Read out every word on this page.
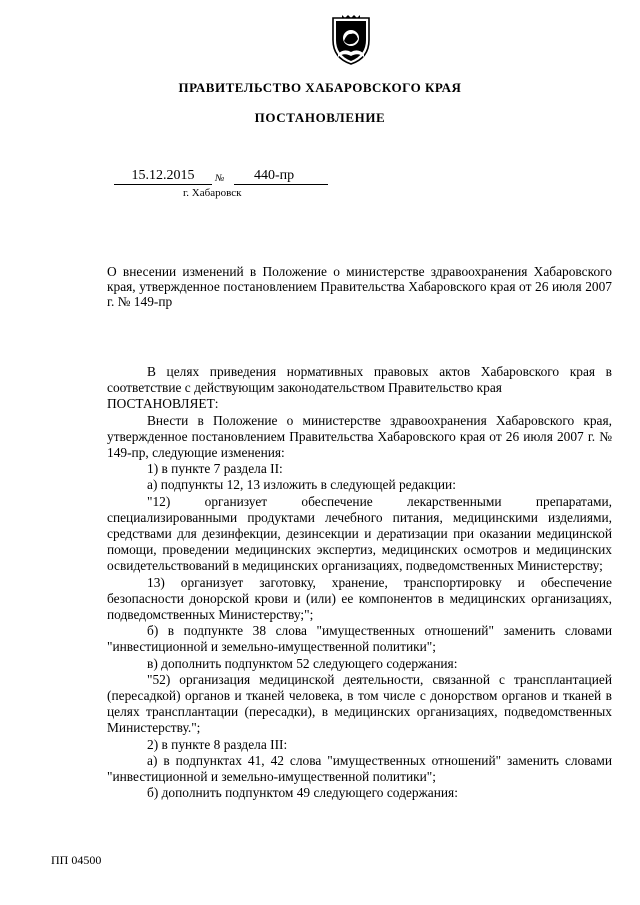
ПРАВИТЕЛЬСТВО ХАБАРОВСКОГО КРАЯ
ПОСТАНОВЛЕНИЕ
15.12.2015	№	440-пр
г. Хабаровск
О внесении изменений в Положение о министерстве здравоохранения Хабаровского края, утвержденное постановлением Правительства Хабаровского края от 26 июля 2007 г. № 149-пр

В целях приведения нормативных правовых актов Хабаровского края в соответствие с действующим законодательством Правительство края

ПОСТАНОВЛЯЕТ:

Внести в Положение о министерстве здравоохранения Хабаровского края, утвержденное постановлением Правительства Хабаровского края от 26 июля 2007 г. № 149-пр, следующие изменения:

1) в пункте 7 раздела II:

а) подпункты 12, 13 изложить в следующей редакции:

"12) организует обеспечение лекарственными препаратами, специализированными продуктами лечебного питания, медицинскими изделиями, средствами для дезинфекции, дезинсекции и дератизации при оказании медицинской помощи, проведении медицинских экспертиз, медицинских осмотров и медицинских освидетельствований в медицинских организациях, подведомственных Министерству;

13) организует заготовку, хранение, транспортировку и обеспечение безопасности донорской крови и (или) ее компонентов в медицинских организациях, подведомственных Министерству;";

б) в подпункте 38 слова "имущественных отношений" заменить словами "инвестиционной и земельно-имущественной политики";

в) дополнить подпунктом 52 следующего содержания:

"52) организация медицинской деятельности, связанной с трансплантацией (пересадкой) органов и тканей человека, в том числе с донорством органов и тканей в целях трансплантации (пересадки), в медицинских организациях, подведомственных Министерству.";

2) в пункте 8 раздела III:

а) в подпунктах 41, 42 слова "имущественных отношений" заменить словами "инвестиционной и земельно-имущественной политики";

б) дополнить подпунктом 49 следующего содержания:

ПП 04500
